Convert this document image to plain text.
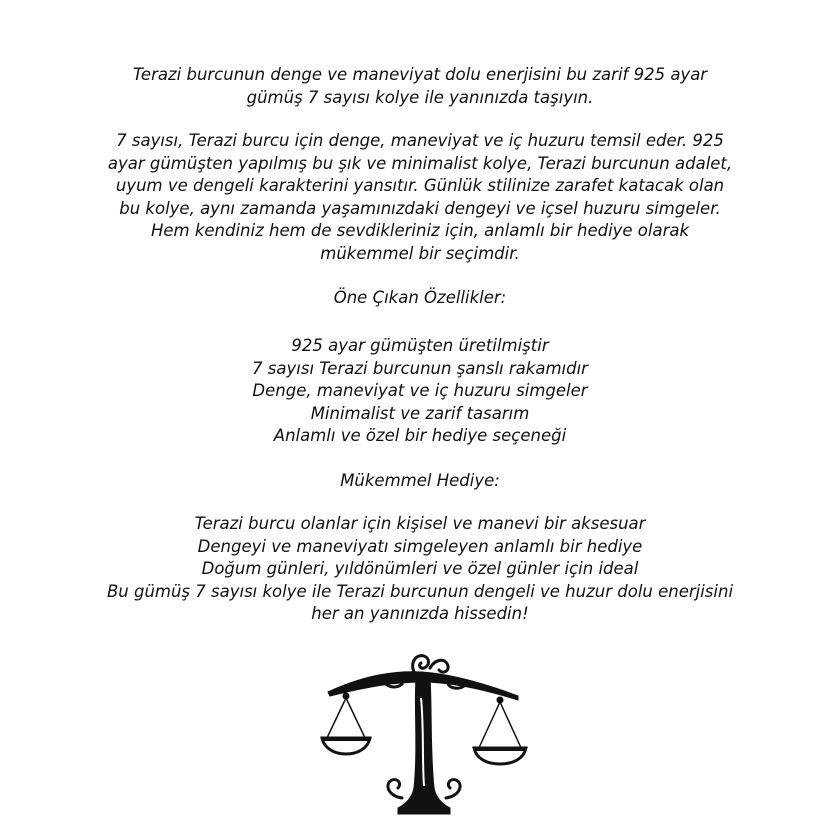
Terazi burcunun denge ve maneviyat dolu enerjisini bu zarif 925 ayar
gümüş 7 sayısı kolye ile yanınızda taşıyın.
7 sayısı, Terazi burcu için denge, maneviyat ve iç huzuru temsil eder. 925
ayar gümüşten yapılmış bu şık ve minimalist kolye, Terazi burcunun adalet,
uyum ve dengeli karakterini yansıtır. Günlük stilinize zarafet katacak olan
bu kolye, aynı zamanda yaşamınızdaki dengeyi ve içsel huzuru simgeler.
Hem kendiniz hem de sevdikleriniz için, anlamlı bir hediye olarak
mükemmel bir seçimdir.
Öne Çıkan Özellikler:
925 ayar gümüşten üretilmiştir
7 sayısı Terazi burcunun şanslı rakamıdır
Denge, maneviyat ve iç huzuru simgeler
Minimalist ve zarif tasarım
Anlamlı ve özel bir hediye seçeneği
Mükemmel Hediye:
Terazi burcu olanlar için kişisel ve manevi bir aksesuar
Dengeyi ve maneviyatı simgeleyen anlamlı bir hediye
Doğum günleri, yıldönümleri ve özel günler için ideal
Bu gümüş 7 sayısı kolye ile Terazi burcunun dengeli ve huzur dolu enerjisini
her an yanınızda hissedin!
